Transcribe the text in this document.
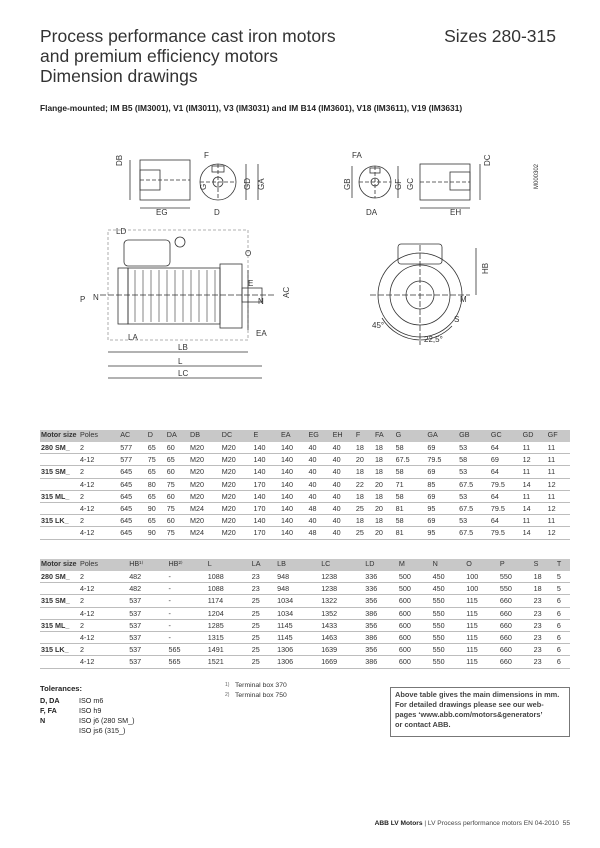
Process performance cast iron motors
and premium efficiency motors
Dimension drawings
Sizes 280-315
Flange-mounted; IM B5 (IM3001), V1 (IM3011), V3 (IM3031) and IM B14 (IM3601), V18 (IM3611), V19 (IM3631)
DB	F
G	GD GA
EG	D
FA
GB	GF GC
DC
DA	EH
M000302
LD
O
P N
E
N
AC
EA
LA
LB
L
LC
HB
M
S
45°
22,5°
Motor size	Poles	AC	D	DA	DB	DC	E	EA	EG	EH	F	FA	G	GA	GB	GC	GD	GF
280 SM_	2	577	65	60	M20	M20	140	140	40	40	18	18	58	69	53	64	11	11
	4-12	577	75	65	M20	M20	140	140	40	40	20	18	67.5	79.5	58	69	12	11
315 SM_	2	645	65	60	M20	M20	140	140	40	40	18	18	58	69	53	64	11	11
	4-12	645	80	75	M20	M20	170	140	40	40	22	20	71	85	67.5	79.5	14	12
315 ML_	2	645	65	60	M20	M20	140	140	40	40	18	18	58	69	53	64	11	11
	4-12	645	90	75	M24	M20	170	140	48	40	25	20	81	95	67.5	79.5	14	12
315 LK_	2	645	65	60	M20	M20	140	140	40	40	18	18	58	69	53	64	11	11
	4-12	645	90	75	M24	M20	170	140	48	40	25	20	81	95	67.5	79.5	14	12
Motor size	Poles	HB¹⁾	HB²⁾	L	LA	LB	LC	LD	M	N	O	P	S	T
280 SM_	2	482	-	1088	23	948	1238	336	500	450	100	550	18	5
	4-12	482	-	1088	23	948	1238	336	500	450	100	550	18	5
315 SM_	2	537	-	1174	25	1034	1322	356	600	550	115	660	23	6
	4-12	537	-	1204	25	1034	1352	386	600	550	115	660	23	6
315 ML_	2	537	-	1285	25	1145	1433	356	600	550	115	660	23	6
	4-12	537	-	1315	25	1145	1463	386	600	550	115	660	23	6
315 LK_	2	537	565	1491	25	1306	1639	356	600	550	115	660	23	6
	4-12	537	565	1521	25	1306	1669	386	600	550	115	660	23	6
Tolerances:
D, DA	ISO m6
F, FA	ISO h9
N	ISO j6 (280 SM_)
ISO js6 (315_)
1) Terminal box 370
2) Terminal box 750	Above table gives the main dimensions in mm.
For detailed drawings please see our web-
pages ‘www.abb.com/motors&generators’
or contact ABB.
ABB LV Motors | LV Process performance motors EN 04-2010 55
